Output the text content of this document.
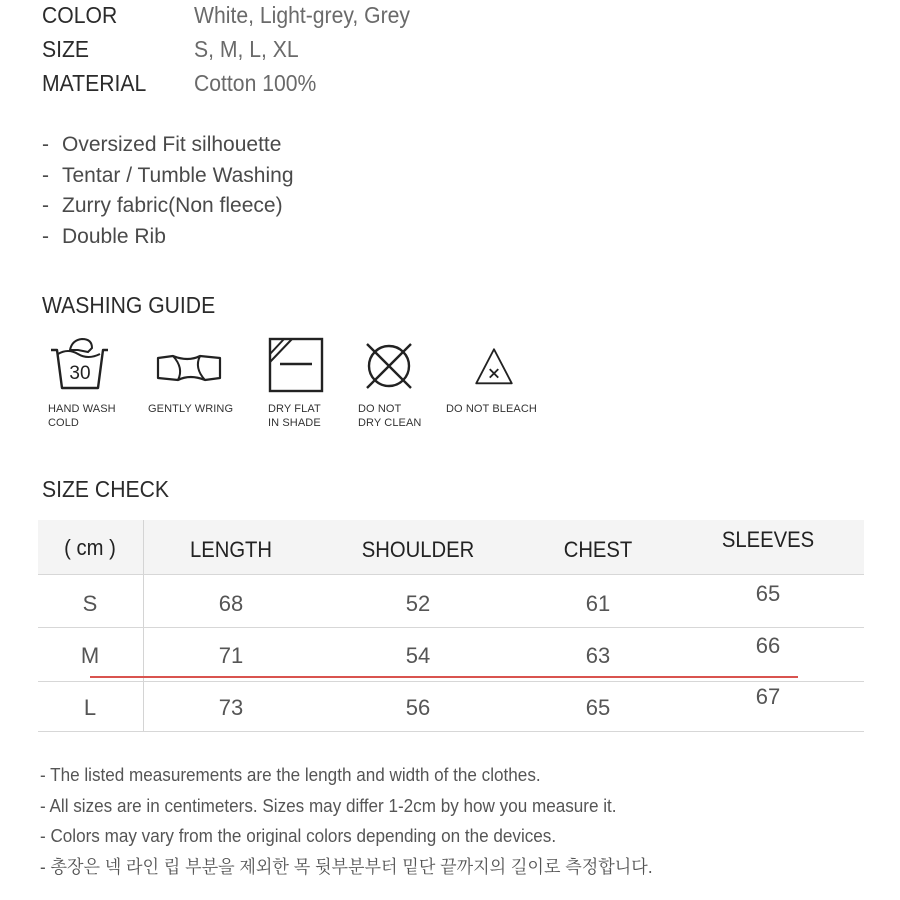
COLOR	White, Light-grey, Grey
SIZE	S, M, L, XL
MATERIAL Cotton 100%
- Oversized Fit silhouette
- Tentar / Tumble Washing
- Zurry fabric(Non fleece)
- Double Rib
WASHING GUIDE
30
HAND WASH
COLD
GENTLY WRING	DRY FLAT
IN SHADE
DO NOT
DRY CLEAN
DO NOT BLEACH
SIZE CHECK
( cm )	LENGTH	SHOULDER	CHEST	SLEEVES
S	68	52	61	65
M	71	54	63	66
L	73	56	65	67
- The listed measurements are the length and width of the clothes.
- All sizes are in centimeters. Sizes may differ 1-2cm by how you measure it.
- Colors may vary from the original colors depending on the devices.
- 총장은 넥 라인 립 부분을 제외한 목 뒷부분부터 밑단 끝까지의 길이로 측정합니다.
